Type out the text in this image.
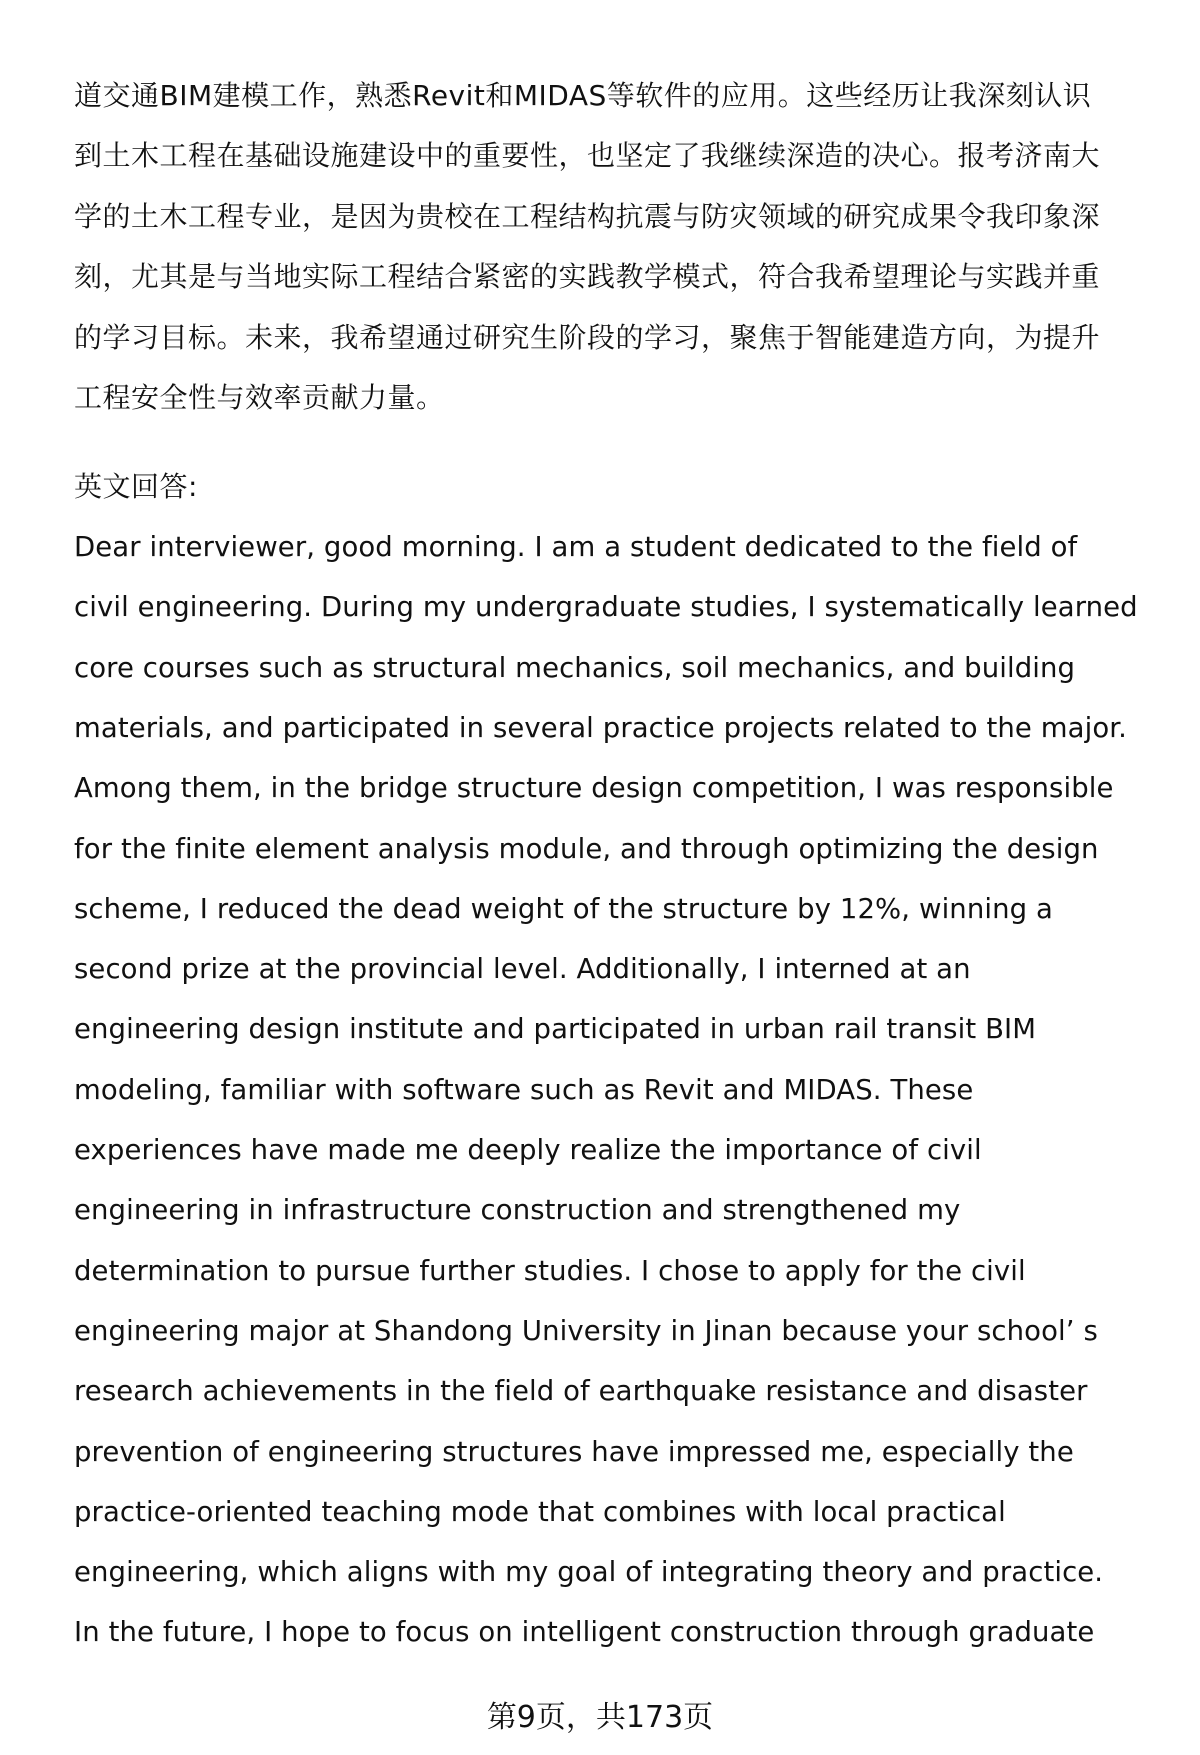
道交通BIM建模工作，熟悉Revit和MIDAS等软件的应用。这些经历让我深刻认识
到土木工程在基础设施建设中的重要性，也坚定了我继续深造的决心。报考济南大
学的土木工程专业，是因为贵校在工程结构抗震与防灾领域的研究成果令我印象深
刻，尤其是与当地实际工程结合紧密的实践教学模式，符合我希望理论与实践并重
的学习目标。未来，我希望通过研究生阶段的学习，聚焦于智能建造方向，为提升
工程安全性与效率贡献力量。
英文回答:
Dear interviewer, good morning. I am a student dedicated to the field of
civil engineering. During my undergraduate studies, I systematically learned
core courses such as structural mechanics, soil mechanics, and building
materials, and participated in several practice projects related to the major.
Among them, in the bridge structure design competition, I was responsible
for the finite element analysis module, and through optimizing the design
scheme, I reduced the dead weight of the structure by 12%, winning a
second prize at the provincial level. Additionally, I interned at an
engineering design institute and participated in urban rail transit BIM
modeling, familiar with software such as Revit and MIDAS. These
experiences have made me deeply realize the importance of civil
engineering in infrastructure construction and strengthened my
determination to pursue further studies. I chose to apply for the civil
engineering major at Shandong University in Jinan because your school’ s
research achievements in the field of earthquake resistance and disaster
prevention of engineering structures have impressed me, especially the
practice-oriented teaching mode that combines with local practical
engineering, which aligns with my goal of integrating theory and practice.
In the future, I hope to focus on intelligent construction through graduate
第9页，共173页
